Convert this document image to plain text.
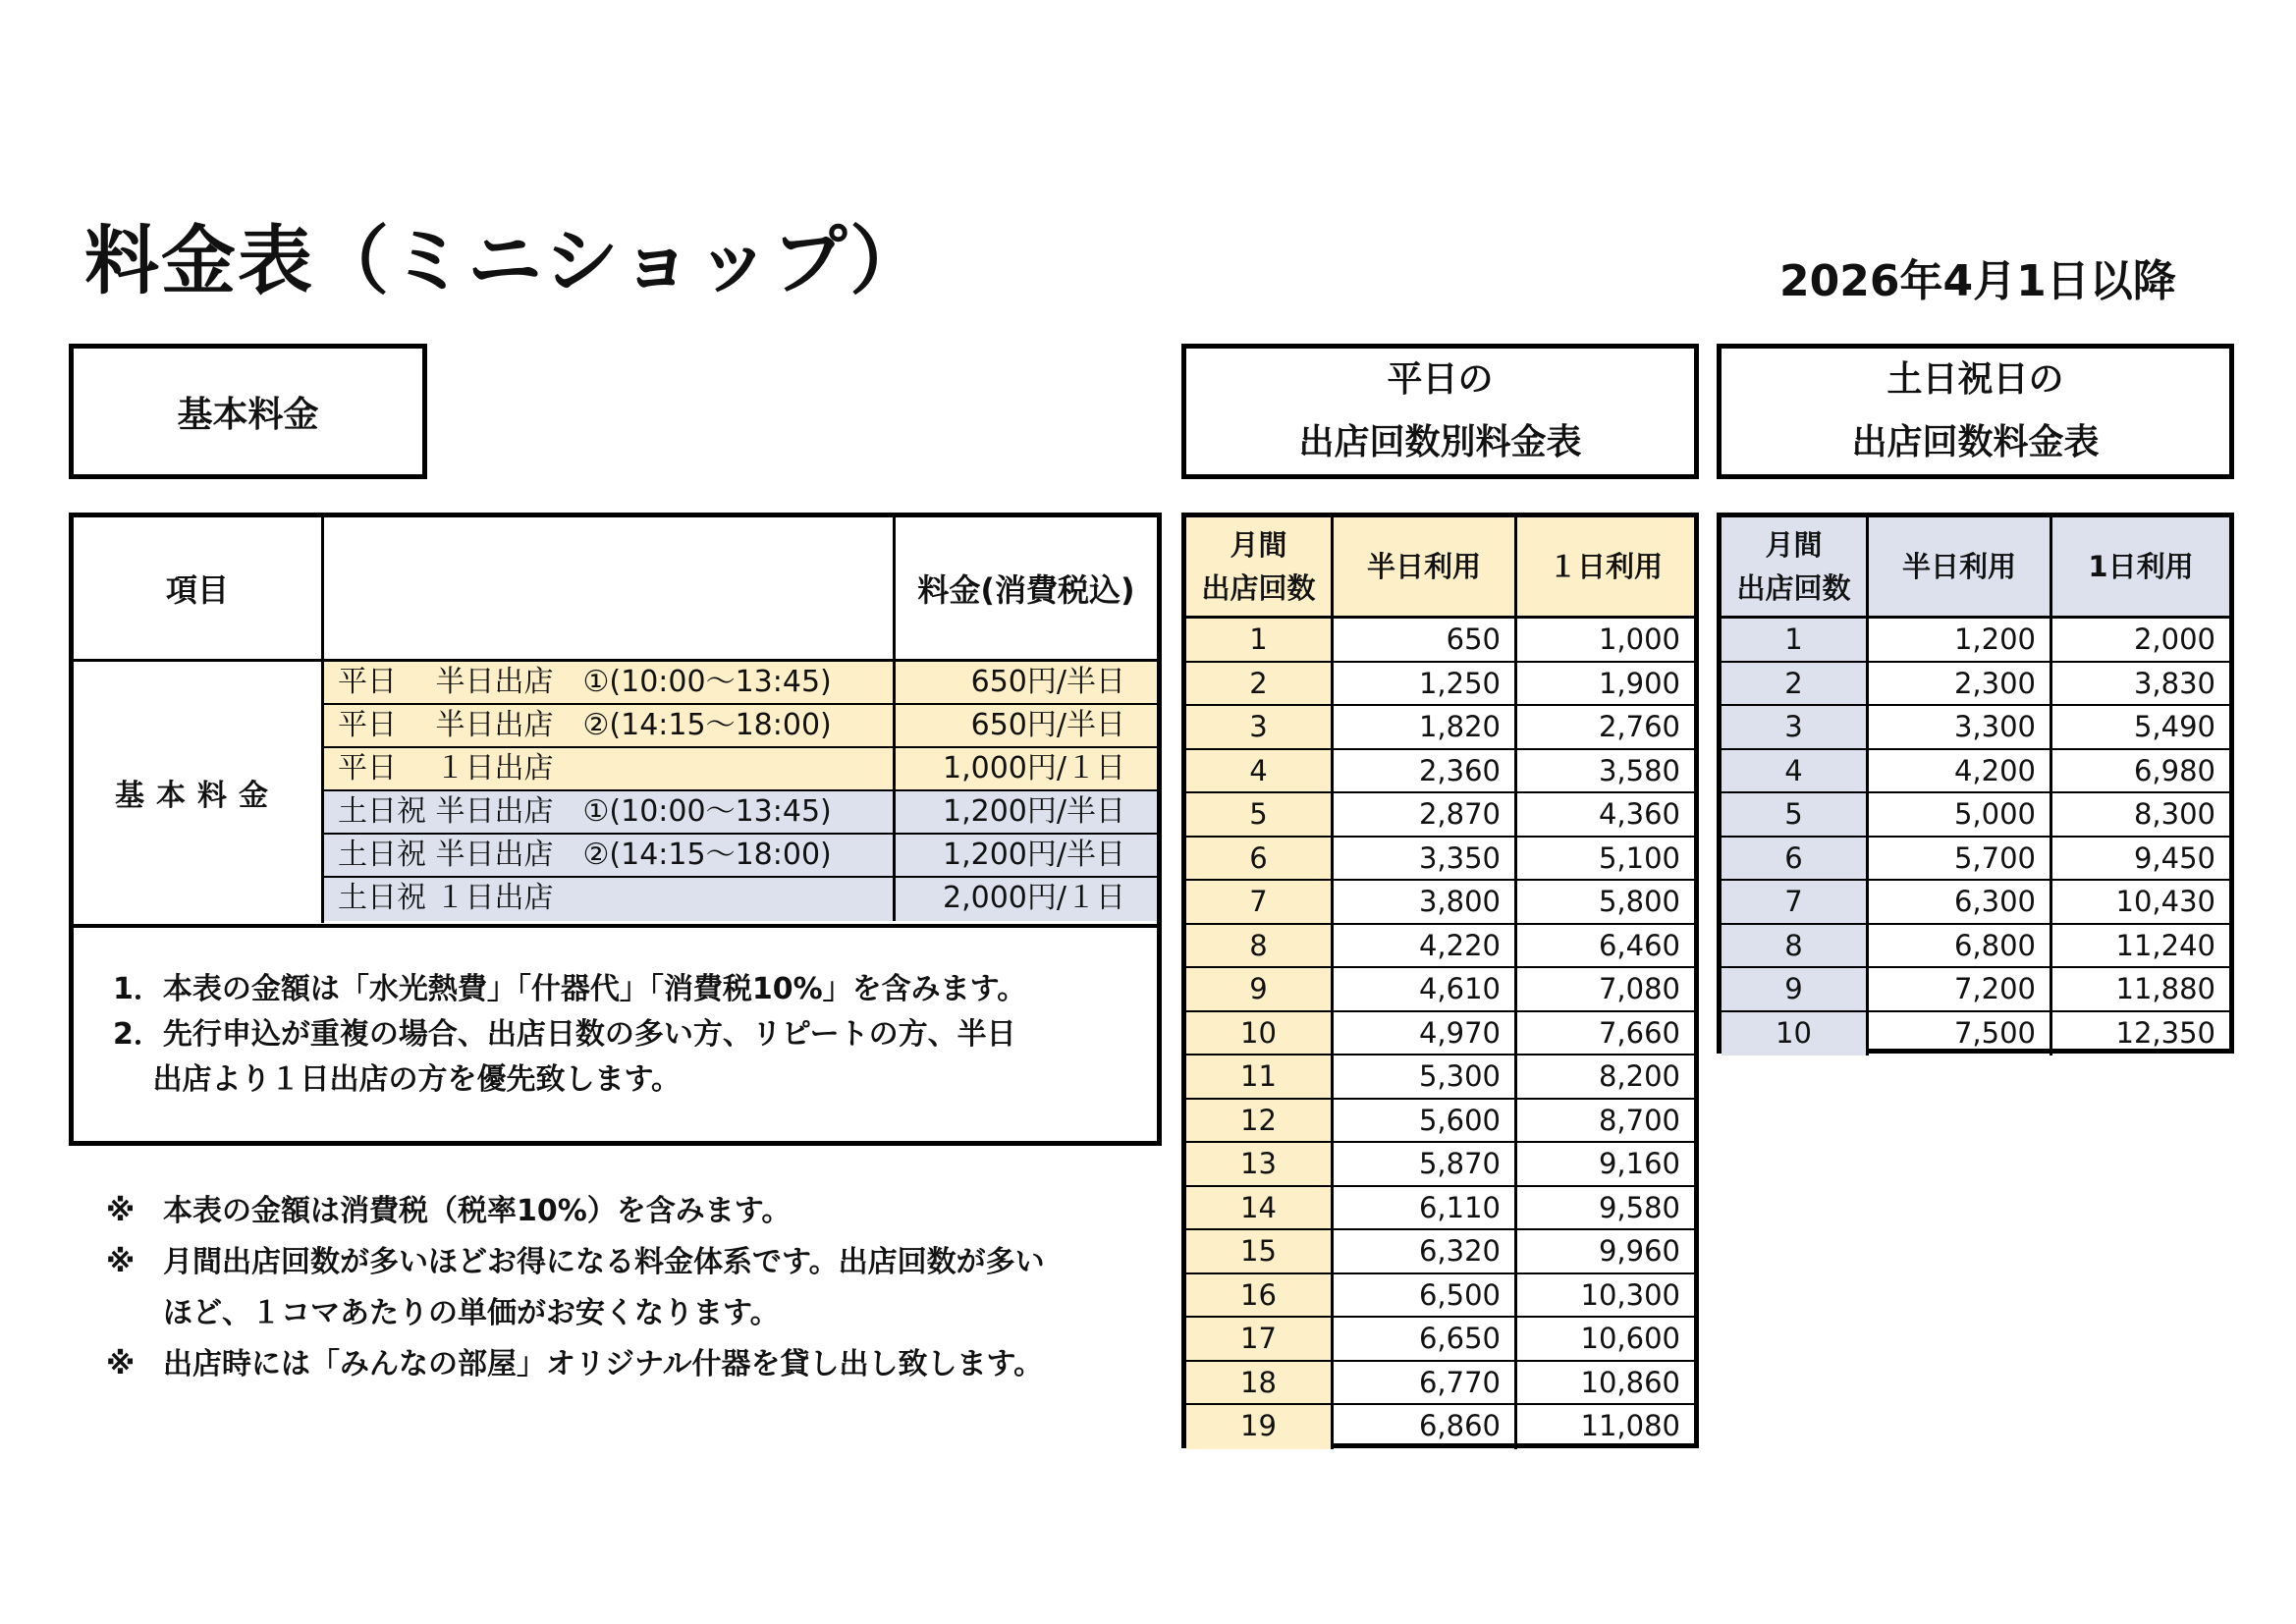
料金表（ミニショップ）	2026年4月1日以降
基本料金
平日の
出店回数別料金表
土日祝日の
出店回数料金表
項目	料金(消費税込)
基本料金
平日　 半日出店　①(10:00～13:45)	650円/半日
平日　 半日出店　②(14:15～18:00)	650円/半日
平日　 １日出店	1,000円/１日
土日祝 半日出店　①(10:00～13:45)	1,200円/半日
土日祝 半日出店　②(14:15～18:00)	1,200円/半日
土日祝 １日出店	2,000円/１日
1．本表の金額は「水光熱費」「什器代」「消費税10%」を含みます。
2．先行申込が重複の場合、出店日数の多い方、リピートの方、半日
　 出店より１日出店の方を優先致します。
※ 本表の金額は消費税（税率10%）を含みます。
※ 月間出店回数が多いほどお得になる料金体系です。出店回数が多い
ほど、１コマあたりの単価がお安くなります。
※ 出店時には「みんなの部屋」オリジナル什器を貸し出し致します。
月間
出店回数
半日利用	１日利用
1	650	1,000
2	1,250	1,900
3	1,820	2,760
4	2,360	3,580
5	2,870	4,360
6	3,350	5,100
7	3,800	5,800
8	4,220	6,460
9	4,610	7,080
10	4,970	7,660
11	5,300	8,200
12	5,600	8,700
13	5,870	9,160
14	6,110	9,580
15	6,320	9,960
16	6,500	10,300
17	6,650	10,600
18	6,770	10,860
19	6,860	11,080
月間
出店回数
半日利用	1日利用
1	1,200	2,000
2	2,300	3,830
3	3,300	5,490
4	4,200	6,980
5	5,000	8,300
6	5,700	9,450
7	6,300	10,430
8	6,800	11,240
9	7,200	11,880
10	7,500	12,350
